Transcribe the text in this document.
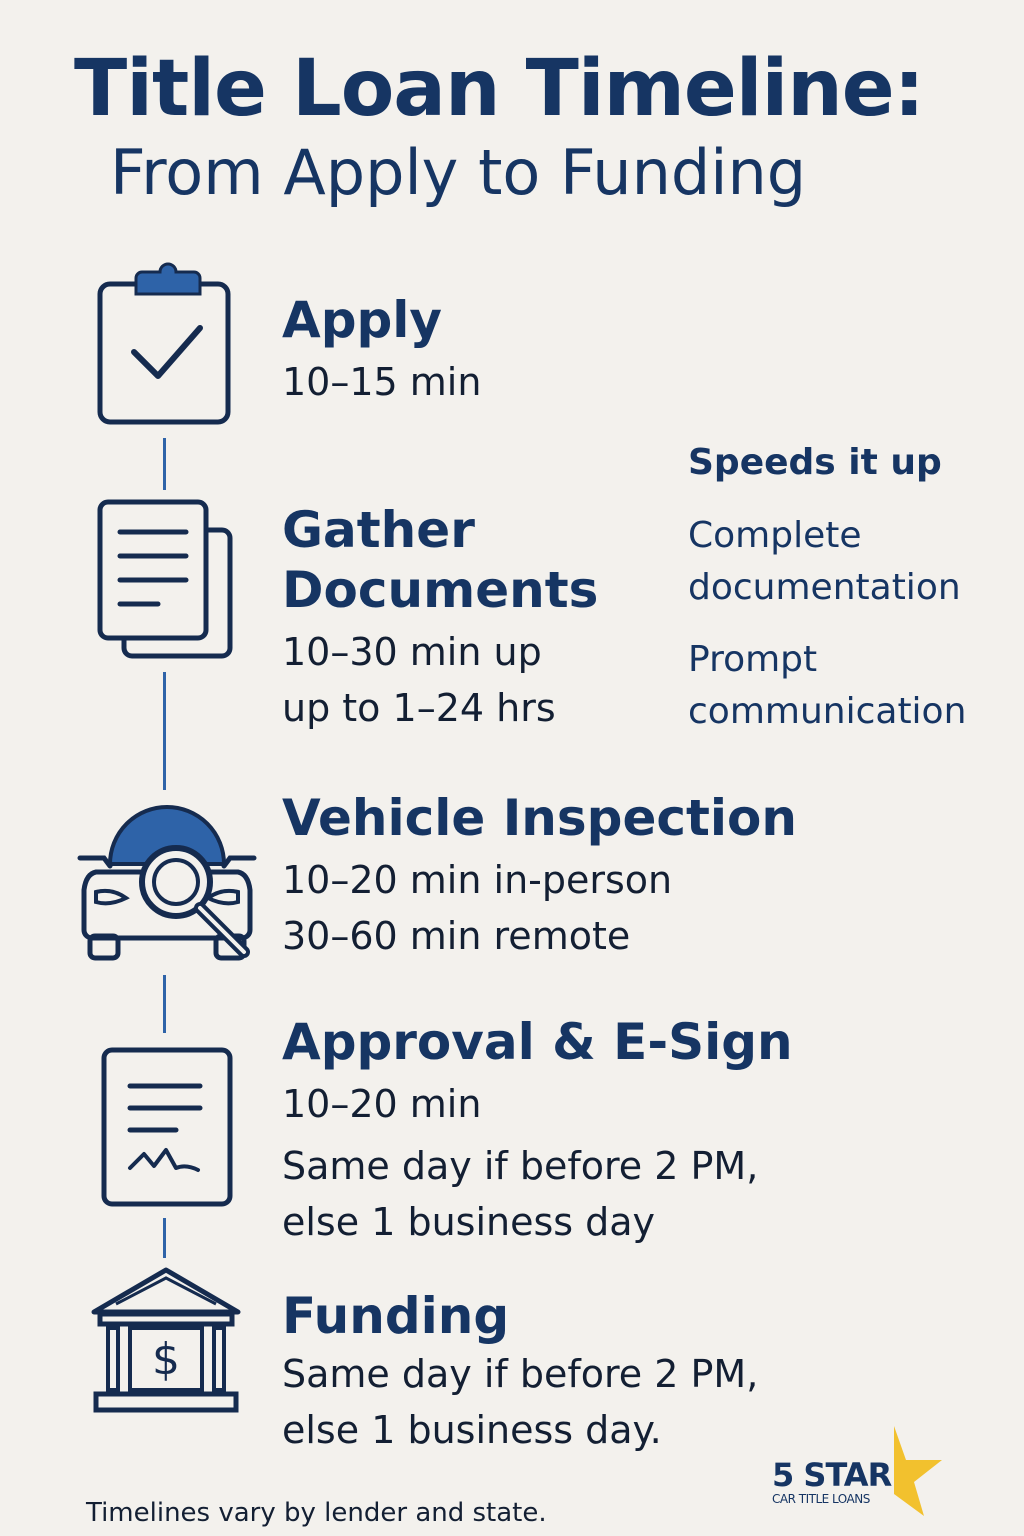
Title Loan Timeline:
From Apply to Funding
Apply
10–15 min
Gather
Documents
10–30 min up
up to 1–24 hrs
Vehicle Inspection
10–20 min in-person
30–60 min remote
Approval & E-Sign
10–20 min
Same day if before 2 PM,
else 1 business day
$
Funding
Same day if before 2 PM,
else 1 business day.
Speeds it up
Complete documentation
Prompt communication
Timelines vary by lender and state.
5 STAR
CAR TITLE LOANS
